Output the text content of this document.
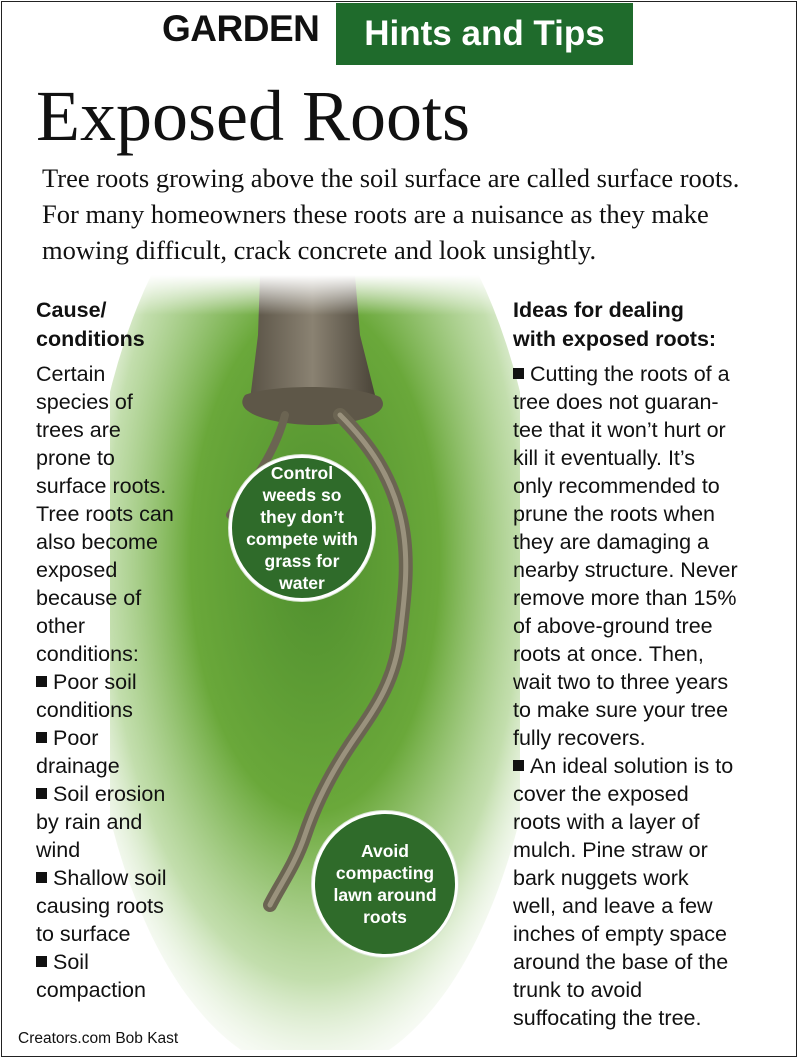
GARDEN	Hints and Tips
Exposed Roots
Tree roots growing above the soil surface are called surface roots. For many homeowners these roots are a nuisance as they make mowing difficult, crack concrete and look unsightly.
Cause/
conditions
Certain
species of
trees are
prone to
surface roots.
Tree roots can
also become
exposed
because of
other
conditions:
Poor soil
conditions
Poor
drainage
Soil erosion
by rain and
wind
Shallow soil
causing roots
to surface
Soil
compaction
Ideas for dealing
with exposed roots:
Cutting the roots of a
tree does not guaran-
tee that it won’t hurt or
kill it eventually. It’s
only recommended to
prune the roots when
they are damaging a
nearby structure. Never
remove more than 15%
of above-ground tree
roots at once. Then,
wait two to three years
to make sure your tree
fully recovers.
An ideal solution is to
cover the exposed
roots with a layer of
mulch. Pine straw or
bark nuggets work
well, and leave a few
inches of empty space
around the base of the
trunk to avoid
suffocating the tree.
Control
weeds so
they don’t
compete with
grass for
water
Avoid
compacting
lawn around
roots
Creators.com Bob Kast
